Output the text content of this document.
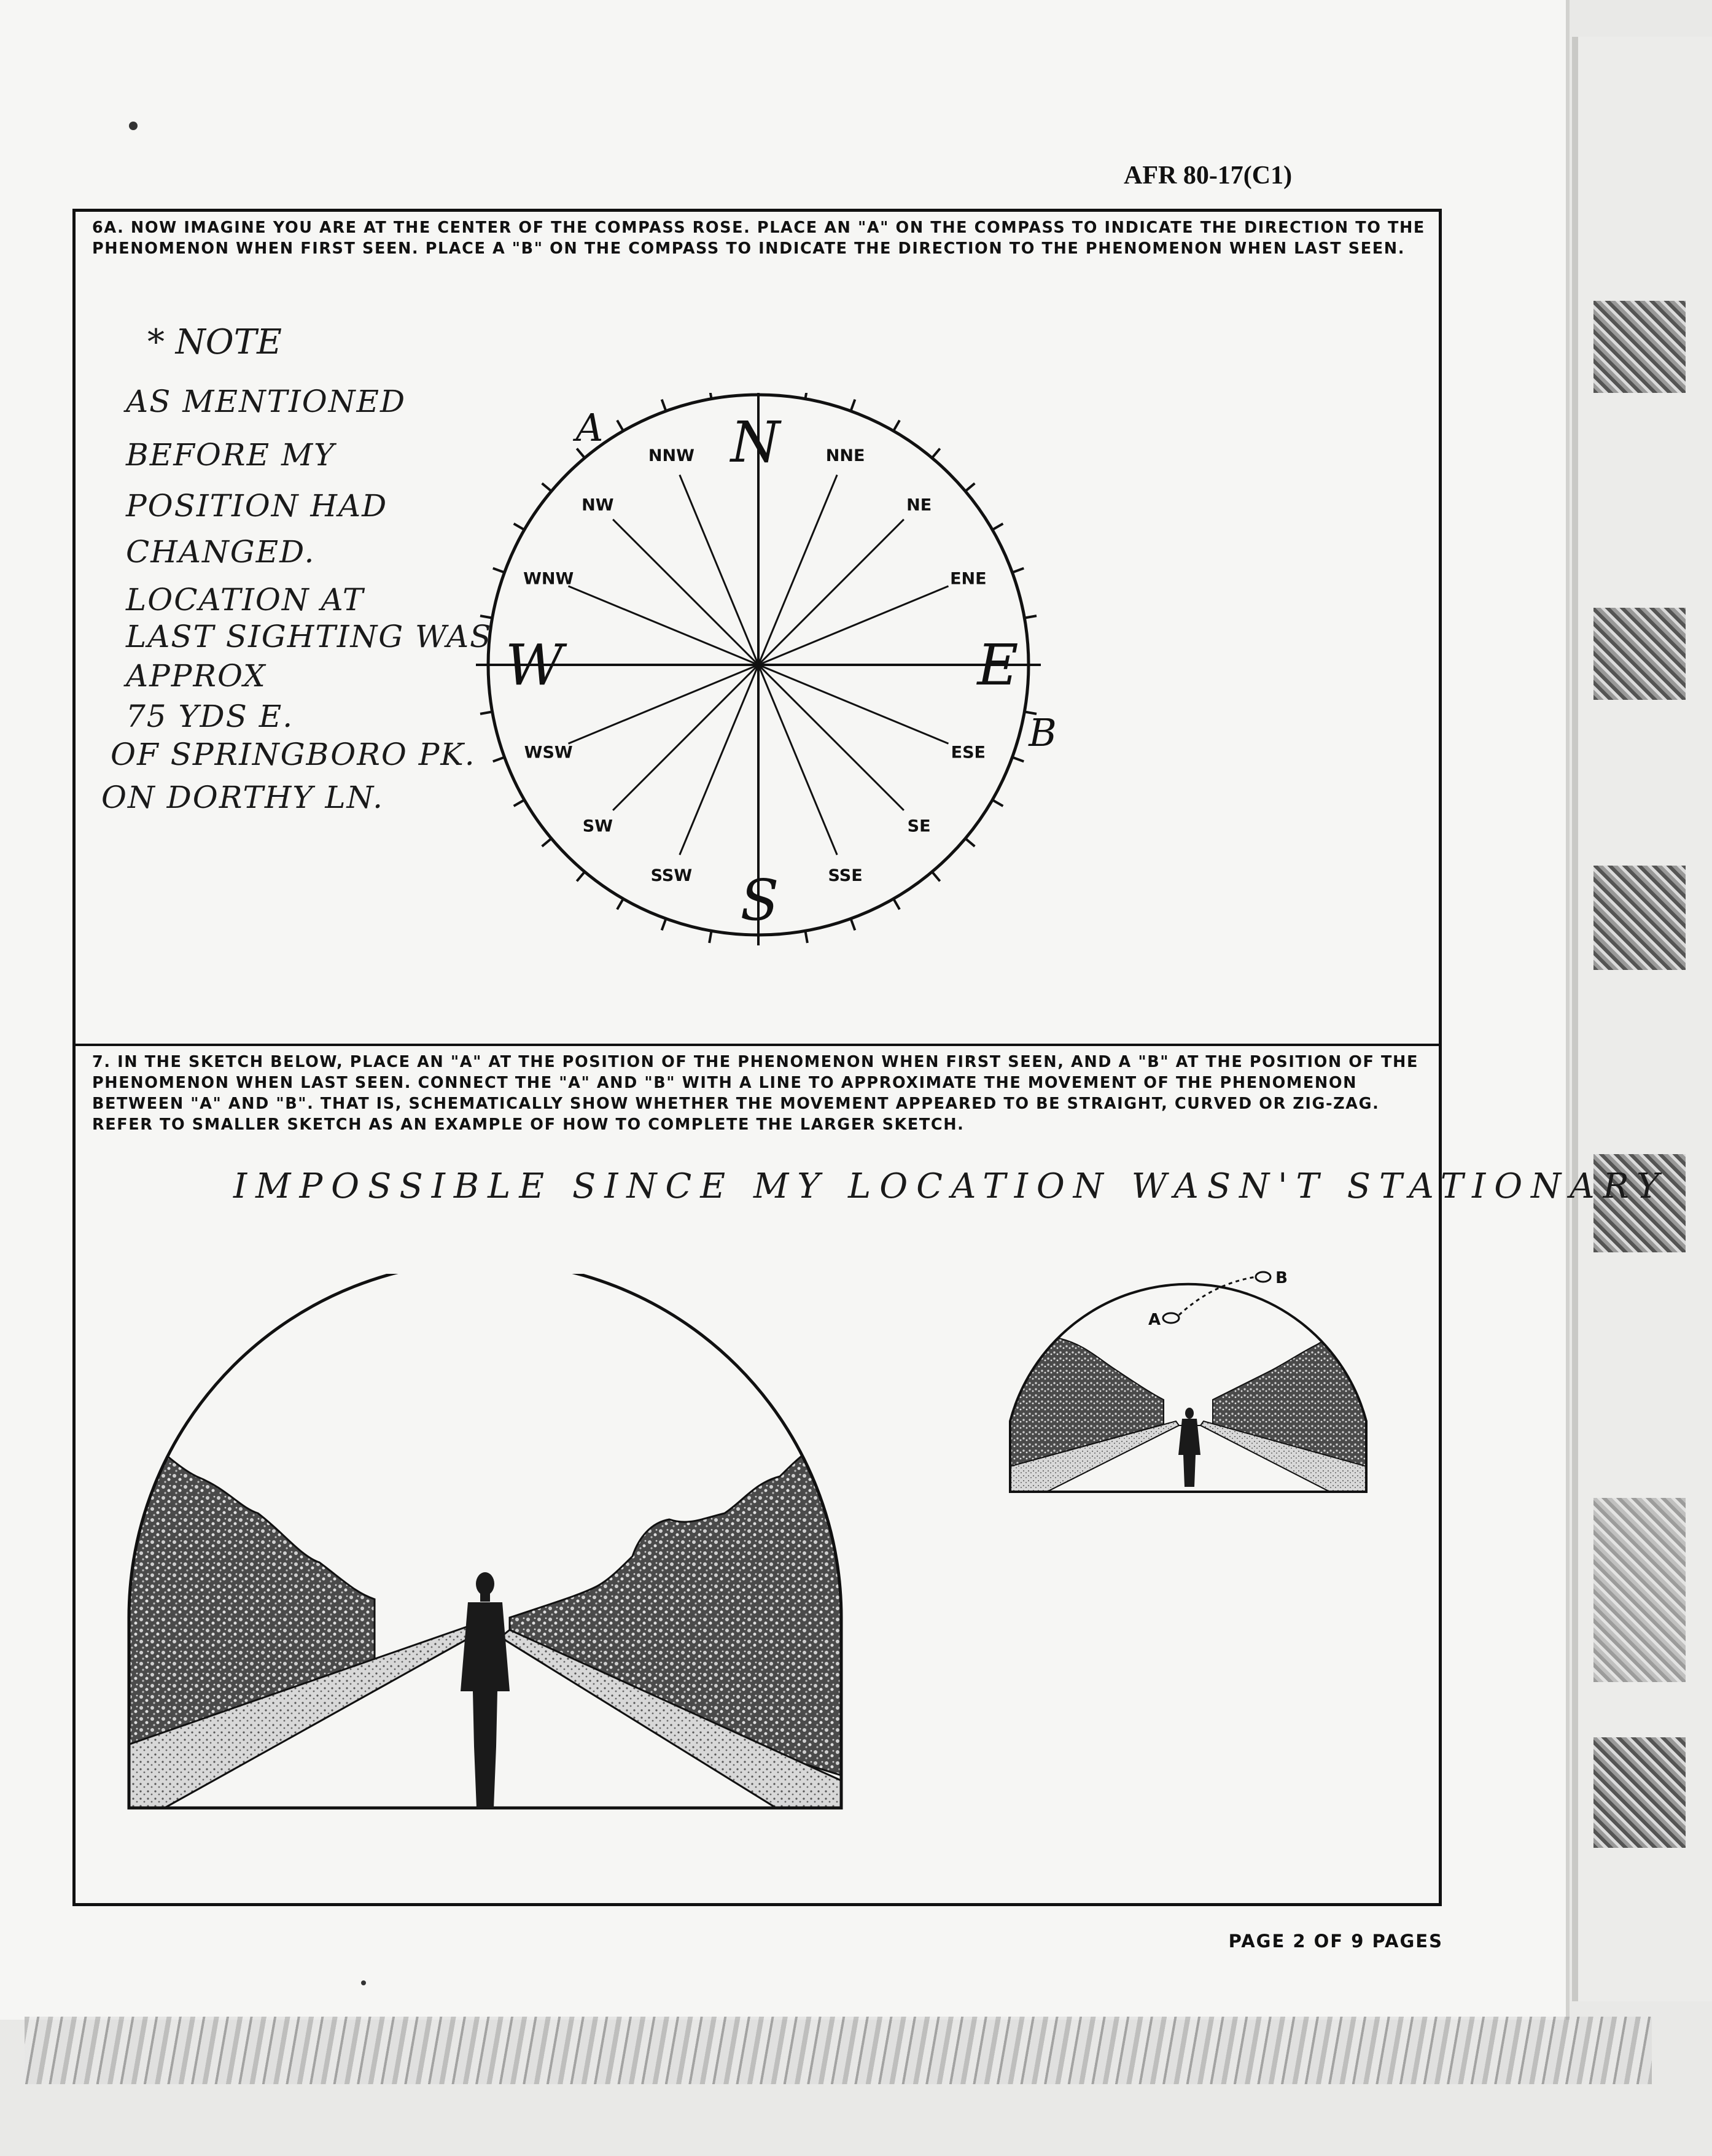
AFR 80-17(C1)

6A. NOW IMAGINE YOU ARE AT THE CENTER OF THE COMPASS ROSE. PLACE AN "A" ON THE COMPASS TO INDICATE THE DIRECTION TO THE PHENOMENON WHEN FIRST SEEN. PLACE A "B" ON THE COMPASS TO INDICATE THE DIRECTION TO THE PHENOMENON WHEN LAST SEEN.

* NOTE

AS MENTIONED

BEFORE MY

POSITION HAD

CHANGED.

LOCATION AT

LAST SIGHTING WAS

APPROX

75 YDS E.

OF SPRINGBORO PK.

ON DORTHY LN.

NNE
NE
ENE
ESE
SE
SSE
SSW
SW
WSW
WNW
NW
NNW N
S
W	E
A
B

7. IN THE SKETCH BELOW, PLACE AN "A" AT THE POSITION OF THE PHENOMENON WHEN FIRST SEEN, AND A "B" AT THE POSITION OF THE PHENOMENON WHEN LAST SEEN. CONNECT THE "A" AND "B" WITH A LINE TO APPROXIMATE THE MOVEMENT OF THE PHENOMENON BETWEEN "A" AND "B". THAT IS, SCHEMATICALLY SHOW WHETHER THE MOVEMENT APPEARED TO BE STRAIGHT, CURVED OR ZIG-ZAG. REFER TO SMALLER SKETCH AS AN EXAMPLE OF HOW TO COMPLETE THE LARGER SKETCH.

IMPOSSIBLE SINCE MY LOCATION WASN'T STATIONARY

A
B
PAGE 2 OF 9 PAGES
